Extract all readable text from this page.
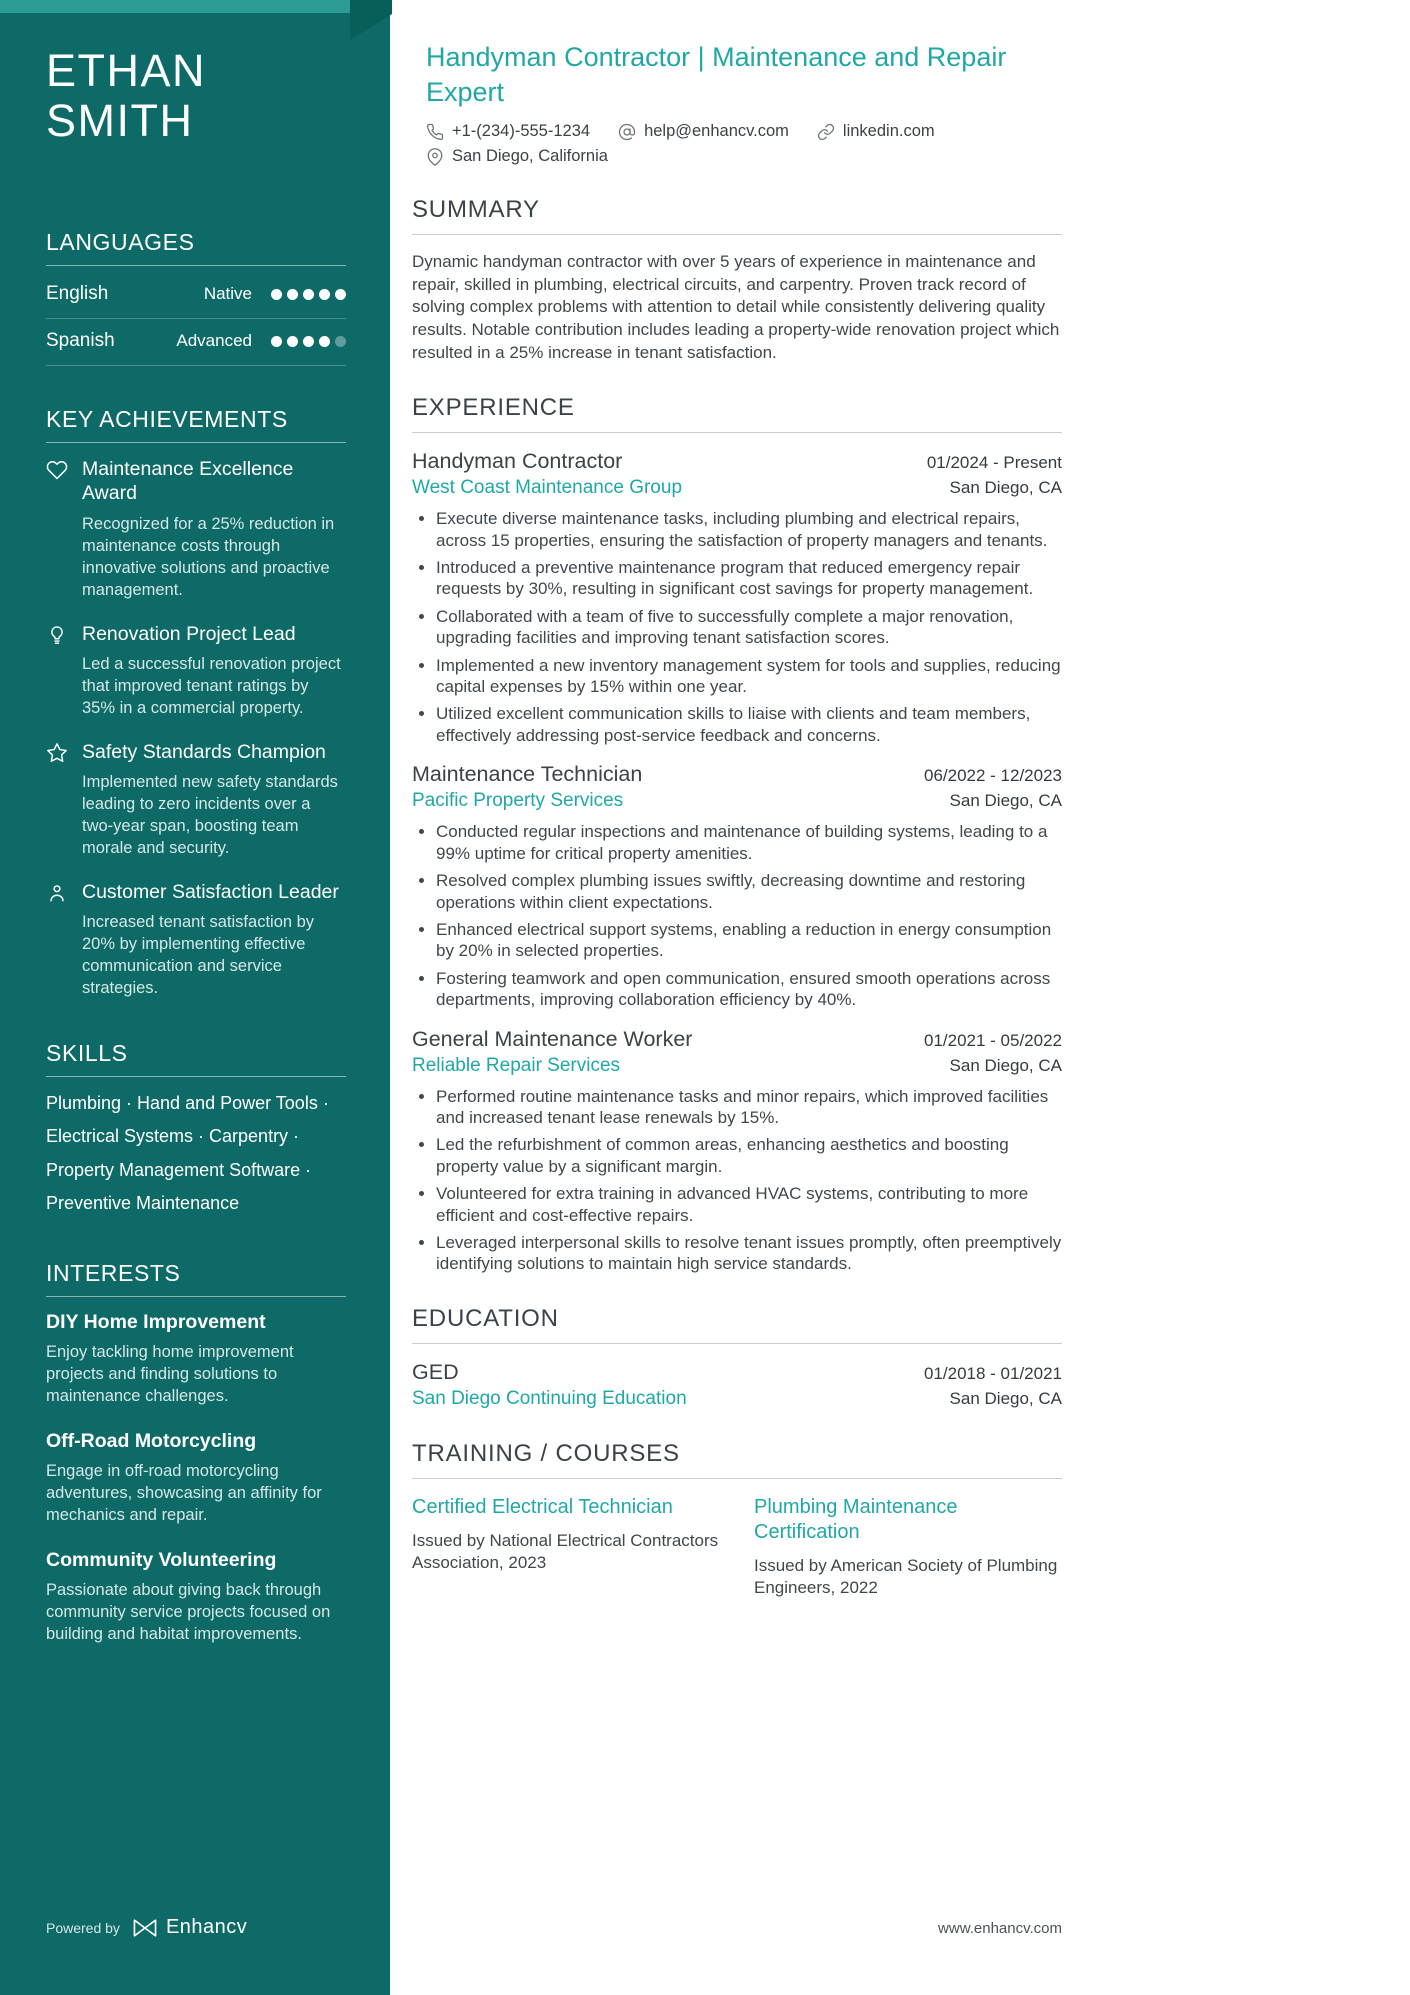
ETHAN SMITH
LANGUAGES
English	Native
Spanish	Advanced
KEY ACHIEVEMENTS
Maintenance Excellence Award
Recognized for a 25% reduction in maintenance costs through innovative solutions and proactive management.
Renovation Project Lead
Led a successful renovation project that improved tenant ratings by 35% in a commercial property.
Safety Standards Champion
Implemented new safety standards leading to zero incidents over a two-year span, boosting team morale and security.
Customer Satisfaction Leader
Increased tenant satisfaction by 20% by implementing effective communication and service strategies.
SKILLS

Plumbing · Hand and Power Tools · Electrical Systems · Carpentry · Property Management Software · Preventive Maintenance

INTERESTS
DIY Home Improvement
Enjoy tackling home improvement projects and finding solutions to maintenance challenges.
Off-Road Motorcycling
Engage in off-road motorcycling adventures, showcasing an affinity for mechanics and repair.
Community Volunteering
Passionate about giving back through community service projects focused on building and habitat improvements.
Powered by Enhancv
Handyman Contractor | Maintenance and Repair Expert
+1-(234)-555-1234	help@enhancv.com	linkedin.com
San Diego, California
SUMMARY

Dynamic handyman contractor with over 5 years of experience in maintenance and repair, skilled in plumbing, electrical circuits, and carpentry. Proven track record of solving complex problems with attention to detail while consistently delivering quality results. Notable contribution includes leading a property-wide renovation project which resulted in a 25% increase in tenant satisfaction.

EXPERIENCE
Handyman Contractor	01/2024 - Present
West Coast Maintenance Group	San Diego, CA
• Execute diverse maintenance tasks, including plumbing and electrical repairs, across 15 properties, ensuring the satisfaction of property managers and tenants.
• Introduced a preventive maintenance program that reduced emergency repair requests by 30%, resulting in significant cost savings for property management.
• Collaborated with a team of five to successfully complete a major renovation, upgrading facilities and improving tenant satisfaction scores.
• Implemented a new inventory management system for tools and supplies, reducing capital expenses by 15% within one year.
• Utilized excellent communication skills to liaise with clients and team members, effectively addressing post-service feedback and concerns.
Maintenance Technician	06/2022 - 12/2023
Pacific Property Services	San Diego, CA
• Conducted regular inspections and maintenance of building systems, leading to a 99% uptime for critical property amenities.
• Resolved complex plumbing issues swiftly, decreasing downtime and restoring operations within client expectations.
• Enhanced electrical support systems, enabling a reduction in energy consumption by 20% in selected properties.
• Fostering teamwork and open communication, ensured smooth operations across departments, improving collaboration efficiency by 40%.
General Maintenance Worker	01/2021 - 05/2022
Reliable Repair Services	San Diego, CA
• Performed routine maintenance tasks and minor repairs, which improved facilities and increased tenant lease renewals by 15%.
• Led the refurbishment of common areas, enhancing aesthetics and boosting property value by a significant margin.
• Volunteered for extra training in advanced HVAC systems, contributing to more efficient and cost-effective repairs.
• Leveraged interpersonal skills to resolve tenant issues promptly, often preemptively identifying solutions to maintain high service standards.
EDUCATION
GED	01/2018 - 01/2021
San Diego Continuing Education	San Diego, CA
TRAINING / COURSES
Certified Electrical Technician
Issued by National Electrical Contractors Association, 2023
Plumbing Maintenance Certification
Issued by American Society of Plumbing Engineers, 2022
www.enhancv.com
